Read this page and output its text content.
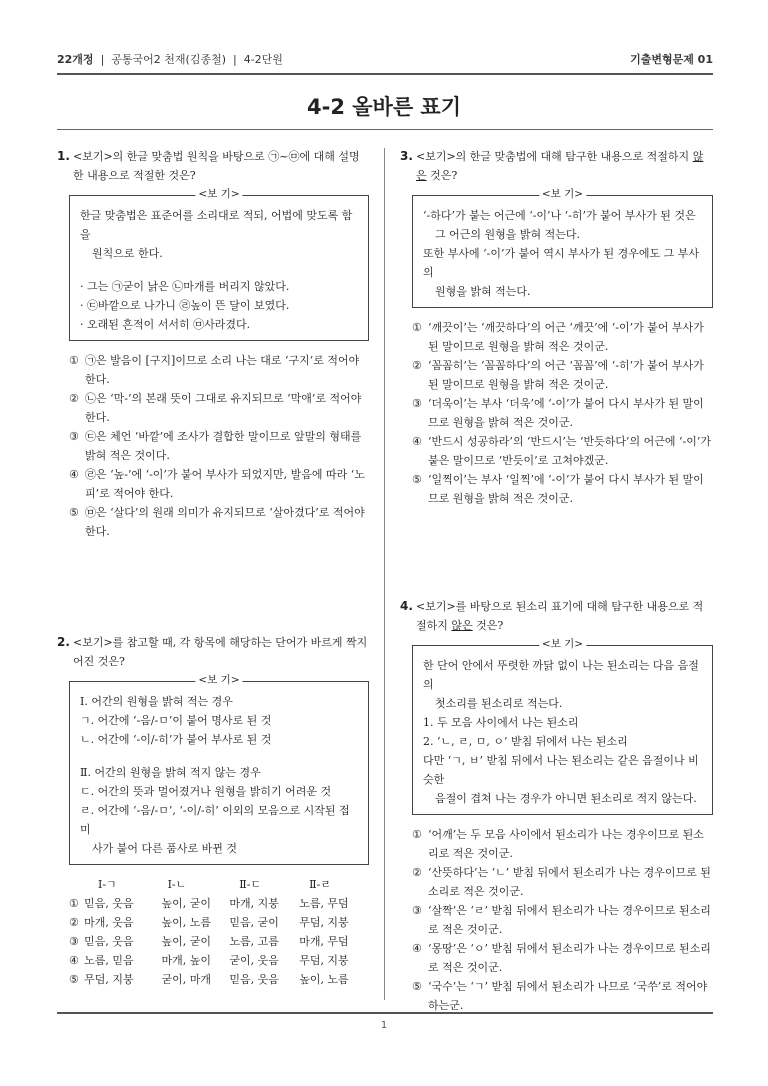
22개정 | 공통국어2 천재(김종철) | 4-2단원	기출변형문제 01
4-2 올바른 표기
1. <보기>의 한글 맞춤법 원칙을 바탕으로 ㉠~㉤에 대해 설명한 내용으로 적절한 것은?
<보 기>

한글 맞춤법은 표준어를 소리대로 적되, 어법에 맞도록 함을

원칙으로 한다.

· 그는 ㉠굳이 낡은 ㉡마개를 버리지 않았다.

· ㉢바깥으로 나가니 ㉣높이 뜬 달이 보였다.

· 오래된 흔적이 서서히 ㉤사라겼다.

① ㉠은 발음이 [구지]이므로 소리 나는 대로 ‘구지’로 적어야 한다.

② ㉡은 ‘막-’의 본래 뜻이 그대로 유지되므로 ‘막애’로 적어야 한다.

③ ㉢은 체언 ‘바깥’에 조사가 결합한 말이므로 앞말의 형태를 밝혀 적은 것이다.

④ ㉣은 ‘높-’에 ‘-이’가 붙어 부사가 되었지만, 발음에 따라 ‘노피’로 적어야 한다.

⑤ ㉤은 ‘살다’의 원래 의미가 유지되므로 ‘살아겼다’로 적어야 한다.

2. <보기>를 참고할 때, 각 항목에 해당하는 단어가 바르게 짝지어진 것은?
<보 기>

Ⅰ. 어간의 원형을 밝혀 적는 경우

ㄱ. 어간에 ‘-음/-ㅁ’이 붙어 명사로 된 것

ㄴ. 어간에 ‘-이/-히’가 붙어 부사로 된 것

Ⅱ. 어간의 원형을 밝혀 적지 않는 경우

ㄷ. 어간의 뜻과 멀어졌거나 원형을 밝히기 어려운 것

ㄹ. 어간에 ‘-음/-ㅁ’, ‘-이/-히’ 이외의 모음으로 시작된 접미

사가 붙어 다른 품사로 바뀐 것

Ⅰ-ㄱ	Ⅰ-ㄴ	Ⅱ-ㄷ	Ⅱ-ㄹ
① 믿음, 웃음	높이, 굳이	마개, 지붕	노름, 무덤
② 마개, 웃음	높이, 노름	믿음, 굳이	무덤, 지붕
③ 믿음, 웃음	높이, 굳이	노름, 고름	마개, 무덤
④ 노름, 믿음	마개, 높이	굳이, 웃음	무덤, 지붕
⑤ 무덤, 지붕	굳이, 마개	믿음, 웃음	높이, 노름
3. <보기>의 한글 맞춤법에 대해 탐구한 내용으로 적절하지 않은 것은?
<보 기>

‘-하다’가 붙는 어근에 ‘-이’나 ‘-히’가 붙어 부사가 된 것은

그 어근의 원형을 밝혀 적는다.

또한 부사에 ‘-이’가 붙어 역시 부사가 된 경우에도 그 부사의

원형을 밝혀 적는다.

① ‘깨끗이’는 ‘깨끗하다’의 어근 ‘깨끗’에 ‘-이’가 붙어 부사가 된 말이므로 원형을 밝혀 적은 것이군.

② ‘꼼꼼히’는 ‘꼼꼼하다’의 어근 ‘꼼꼼’에 ‘-히’가 붙어 부사가 된 말이므로 원형을 밝혀 적은 것이군.

③ ‘더욱이’는 부사 ‘더욱’에 ‘-이’가 붙어 다시 부사가 된 말이므로 원형을 밝혀 적은 것이군.

④ ‘반드시 성공하라’의 ‘반드시’는 ‘반듯하다’의 어근에 ‘-이’가 붙은 말이므로 ‘반듯이’로 고쳐야겠군.

⑤ ‘일찍이’는 부사 ‘일찍’에 ‘-이’가 붙어 다시 부사가 된 말이므로 원형을 밝혀 적은 것이군.

4. <보기>를 바탕으로 된소리 표기에 대해 탐구한 내용으로 적절하지 않은 것은?
<보 기>

한 단어 안에서 뚜렷한 까닭 없이 나는 된소리는 다음 음절의

첫소리를 된소리로 적는다.

1. 두 모음 사이에서 나는 된소리

2. ‘ㄴ, ㄹ, ㅁ, ㅇ’ 받침 뒤에서 나는 된소리

다만 ‘ㄱ, ㅂ’ 받침 뒤에서 나는 된소리는 같은 음절이나 비슷한

음절이 겹쳐 나는 경우가 아니면 된소리로 적지 않는다.

① ‘어깨’는 두 모음 사이에서 된소리가 나는 경우이므로 된소리로 적은 것이군.

② ‘산뜻하다’는 ‘ㄴ’ 받침 뒤에서 된소리가 나는 경우이므로 된소리로 적은 것이군.

③ ‘살짝’은 ‘ㄹ’ 받침 뒤에서 된소리가 나는 경우이므로 된소리로 적은 것이군.

④ ‘몽땅’은 ‘ㅇ’ 받침 뒤에서 된소리가 나는 경우이므로 된소리로 적은 것이군.

⑤ ‘국수’는 ‘ㄱ’ 받침 뒤에서 된소리가 나므로 ‘국쑤’로 적어야 하는군.

1
